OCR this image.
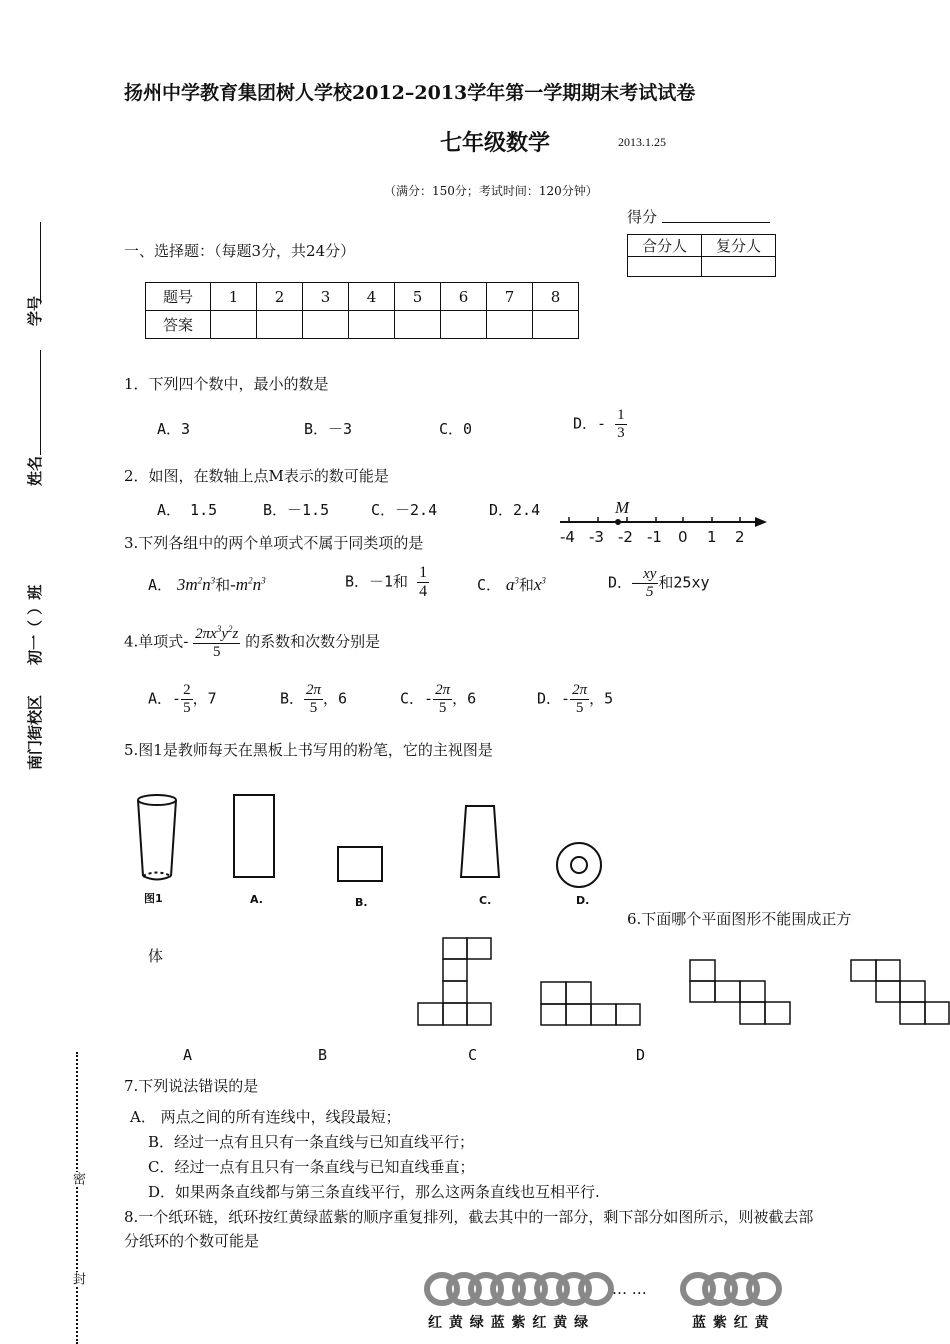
扬州中学教育集团树人学校2012–2013学年第一学期期末考试试卷
七年级数学	2013.1.25
（满分：150分；考试时间：120分钟）
得分
合分人	复分人

学号
姓名
初一（ ）班
南门街校区
密
封
一、选择题：（每题3分，共24分）
题号	1	2	3	4	5	6	7	8
答案								
1．下列四个数中，最小的数是
A．3	B．－3	C．0	D．- $\frac{1}{3}$
2．如图，在数轴上点M表示的数可能是
A． 1.5	B．－1.5	C．－2.4	D．2.4	M
-4 -3 -2 -1 0 1 2
3.下列各组中的两个单项式不属于同类项的是
A． $3m^2n^3$和$-m^2n^3$	B．－1和 $\frac{1}{4}$	C． $a^3$和$x^3$	D．– $\frac{xy}{5}$ 和25xy
4.单项式- $\frac{2\pi x^3y^2z}{5}$ 的系数和次数分别是
A．- $\frac{2}{5}$ ，7	B． $\frac{2\pi}{5}$ ，6	C．- $\frac{2\pi}{5}$ ，6	D．- $\frac{2\pi}{5}$ ，5
5.图1是教师每天在黑板上书写用的粉笔，它的主视图是
图1	A.	B.	C.	D.
6.下面哪个平面图形不能围成正方
体
A	B	C	D
7.下列说法错误的是
A． 两点之间的所有连线中，线段最短；
B．经过一点有且只有一条直线与已知直线平行；
C．经过一点有且只有一条直线与已知直线垂直；
D．如果两条直线都与第三条直线平行，那么这两条直线也互相平行.
8.一个纸环链，纸环按红黄绿蓝紫的顺序重复排列，截去其中的一部分，剩下部分如图所示，则被截去部
分纸环的个数可能是
… …
红 黄 绿 蓝 紫 红 黄 绿	蓝 紫 红 黄
